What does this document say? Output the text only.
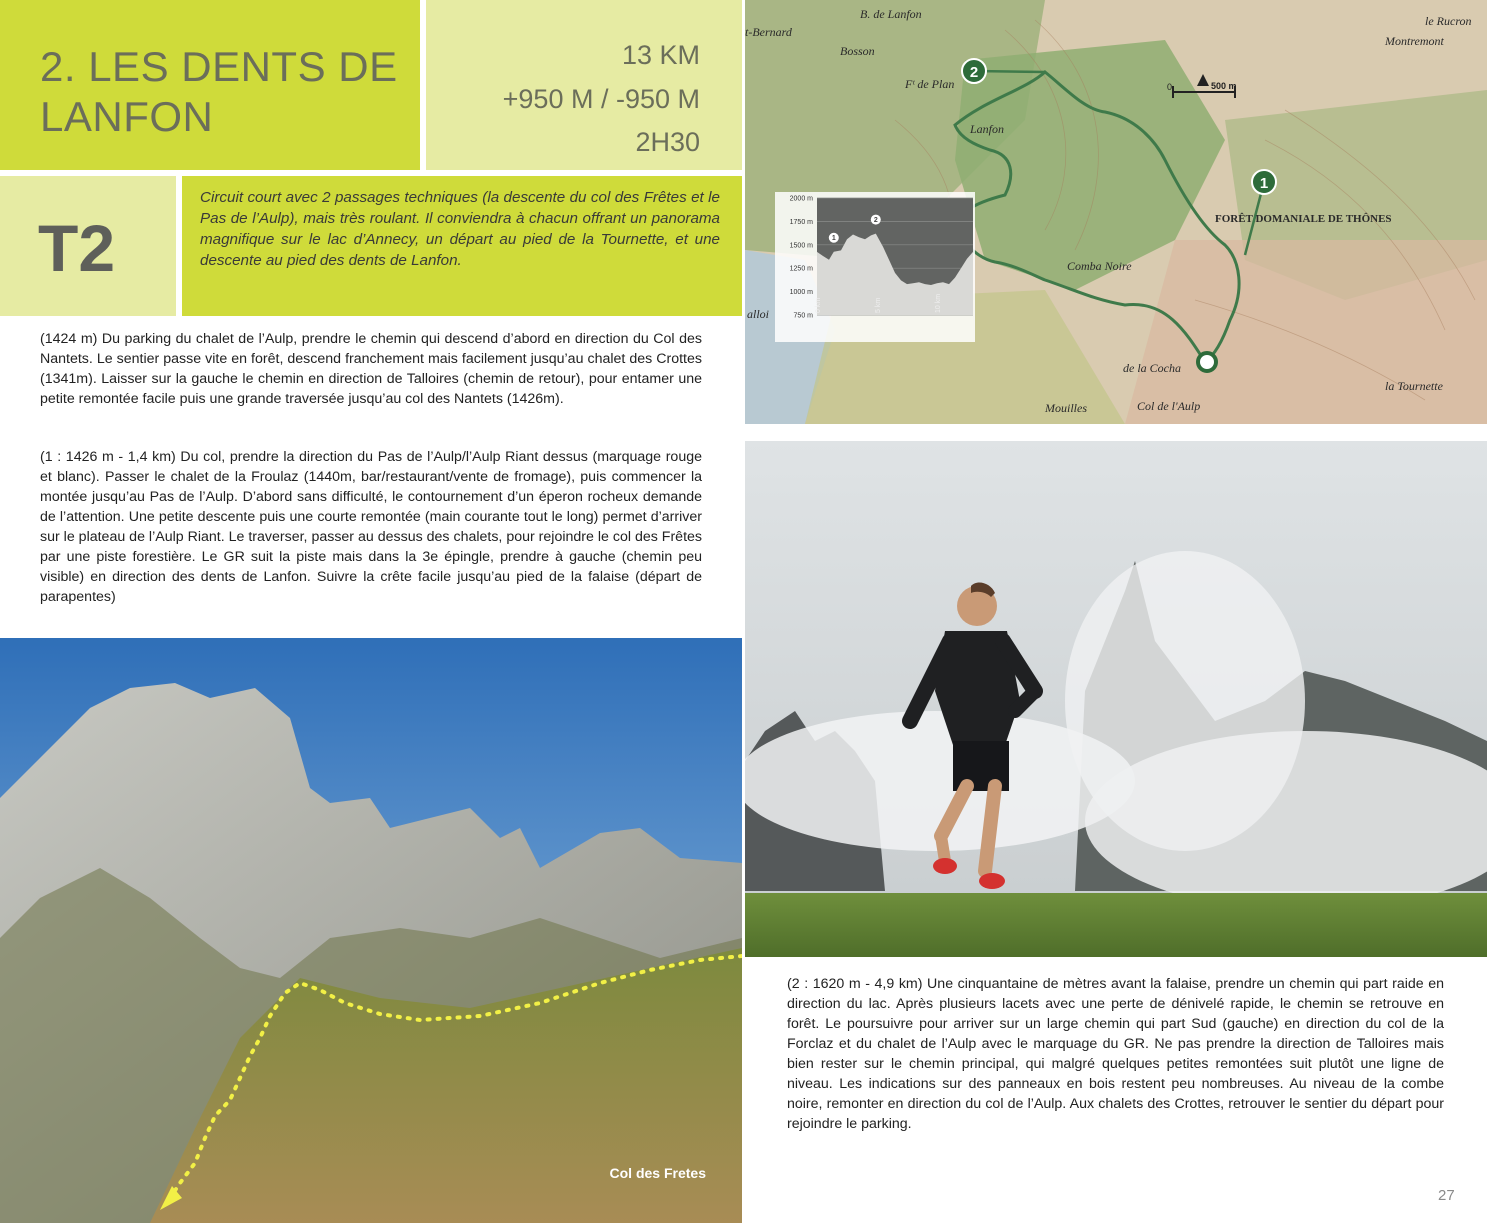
2. LES DENTS DE
LANFON
13 KM
+950 M / -950 M
2H30
T2
Circuit court avec 2 passages techniques (la descente du col des Frêtes et le Pas de l’Aulp), mais très roulant. Il conviendra à chacun offrant un panorama magnifique sur le lac d’Annecy, un départ au pied de la Tournette, et une descente au pied des dents de Lanfon.
(1424 m) Du parking du chalet de l’Aulp, prendre le chemin qui descend d’abord en direction du Col des Nantets. Le sentier passe vite en forêt, descend franchement mais facilement jusqu’au chalet des Crottes (1341m). Laisser sur la gauche le chemin en direction de Talloires (chemin de retour), pour entamer une petite remontée facile puis une grande traversée jusqu’au col des Nantets (1426m).
(1 : 1426 m - 1,4 km) Du col, prendre la direction du Pas de l’Aulp/l’Aulp Riant dessus (marquage rouge et blanc). Passer le chalet de la Froulaz (1440m, bar/restaurant/vente de fromage), puis commencer la montée jusqu’au Pas de l’Aulp. D’abord sans difficulté, le contournement d’un éperon rocheux demande de l’attention. Une petite descente puis une courte remontée (main courante tout le long) permet d’arriver sur le plateau de l’Aulp Riant. Le traverser, passer au dessus des chalets, pour rejoindre le col des Frêtes par une piste forestière. Le GR suit la piste mais dans la 3e épingle, prendre à gauche (chemin peu visible) en direction des dents de Lanfon. Suivre la crête facile jusqu’au pied de la falaise (départ de parapentes)
Col des Fretes
2
1
0	500 m
B. de Lanfon
t-Bernard
Bosson
Montremont
le Rucron
Fᵗ de Plan
Lanfon
Comba Noire
Col de l'Aulp
de la Cocha
la Tournette
Mouilles
alloi
FORÊT DOMANIALE DE THÔNES
750 m
1000 m
1250 m
1500 m
1750 m
2000 m
0 km	5 km	10 km
1
2
(2 : 1620 m - 4,9 km) Une cinquantaine de mètres avant la falaise, prendre un chemin qui part raide en direction du lac. Après plusieurs lacets avec une perte de dénivelé rapide, le chemin se retrouve en forêt. Le poursuivre pour arriver sur un large chemin qui part Sud (gauche) en direction du col de la Forclaz et du chalet de l’Aulp avec le marquage du GR. Ne pas prendre la direction de Talloires mais bien rester sur le chemin principal, qui malgré quelques petites remontées suit plutôt une ligne de niveau. Les indications sur des panneaux en bois restent peu nombreuses. Au niveau de la combe noire, remonter en direction du col de l’Aulp. Aux chalets des Crottes, retrouver le sentier du départ pour rejoindre le parking.
27
